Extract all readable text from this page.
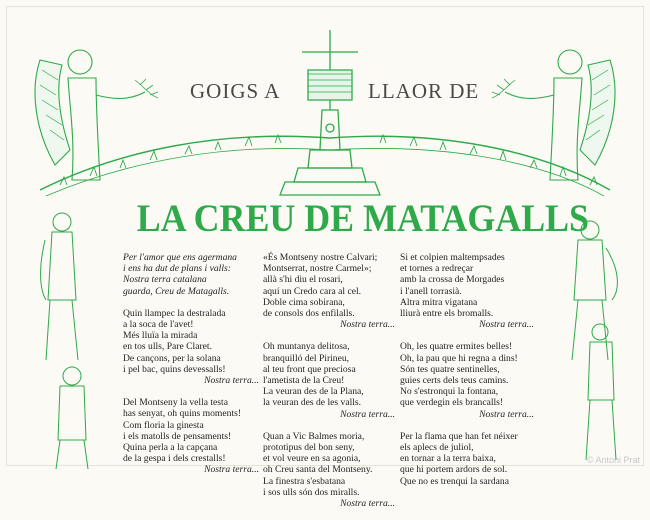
GOIGS A	LLAOR DE
LA CREU DE MATAGALLS
Per l'amor que ens agermana
i ens ha dut de plans i valls:
Nostra terra catalana
guarda, Creu de Matagalls.
Quin llampec la destralada
a la soca de l'avet!
Més lluïa la mirada
en tos ulls, Pare Claret.
De cançons, per la solana
i pel bac, quins devessalls!
Nostra terra...
Del Montseny la vella testa
has senyat, oh quins moments!
Com floria la ginesta
i els matolls de pensaments!
Quina perla a la capçana
de la gespa i dels crestalls!
Nostra terra...
«És Montseny nostre Calvari;
Montserrat, nostre Carmel»;
allà s'hi diu el rosari,
aquí un Credo cara al cel.
Doble cima sobirana,
de consols dos enfilalls.
Nostra terra...
Oh muntanya delitosa,
branquilló del Pirineu,
al teu front que preciosa
l'ametista de la Creu!
La veuran des de la Plana,
la veuran des de les valls.
Nostra terra...
Quan a Vic Balmes moria,
prototipus del bon seny,
et vol veure en sa agonia,
oh Creu santa del Montseny.
La finestra s'esbatana
i sos ulls són dos miralls.
Nostra terra...
Si et colpien maltempsades
et tornes a redreçar
amb la crossa de Morgades
i l'anell torrasià.
Altra mitra vigatana
lliurà entre els bromalls.
Nostra terra...
Oh, les quatre ermites belles!
Oh, la pau que hi regna a dins!
Són tes quatre sentinelles,
guies certs dels teus camins.
No s'estronqui la fontana,
que verdegin els brancalls!
Nostra terra...
Per la flama que han fet néixer
els aplecs de juliol,
en tornar a la terra baixa,
que hi portem ardors de sol.
Que no es trenqui la sardana
© Antoni Prat
